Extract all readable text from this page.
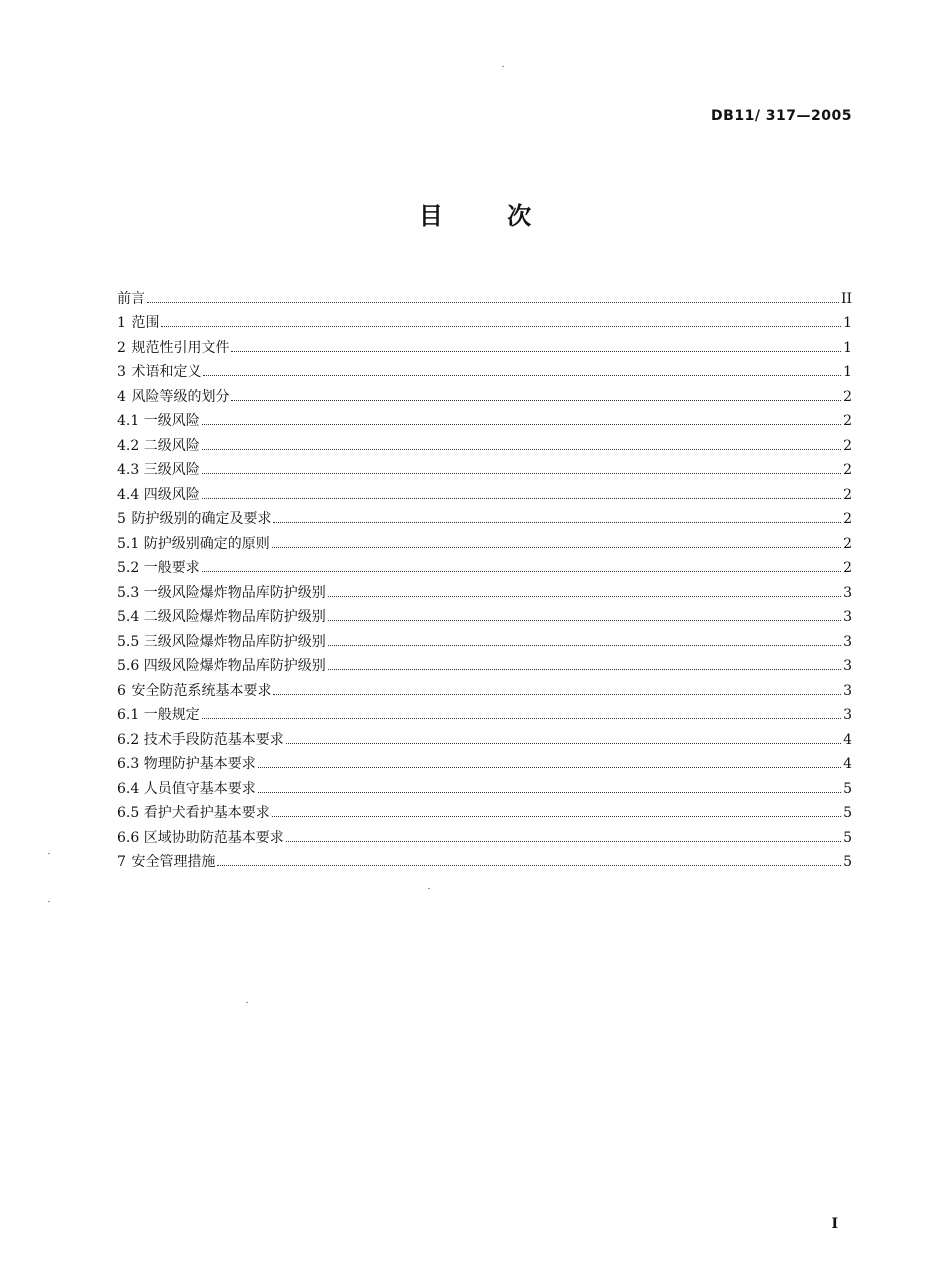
DB11/ 317—2005
目 次
前言	II
1 范围	1
2 规范性引用文件	1
3 术语和定义	1
4 风险等级的划分	2
4.1 一级风险	2
4.2 二级风险	2
4.3 三级风险	2
4.4 四级风险	2
5 防护级别的确定及要求	2
5.1 防护级别确定的原则	2
5.2 一般要求	2
5.3 一级风险爆炸物品库防护级别	3
5.4 二级风险爆炸物品库防护级别	3
5.5 三级风险爆炸物品库防护级别	3
5.6 四级风险爆炸物品库防护级别	3
6 安全防范系统基本要求	3
6.1 一般规定	3
6.2 技术手段防范基本要求	4
6.3 物理防护基本要求	4
6.4 人员值守基本要求	5
6.5 看护犬看护基本要求	5
6.6 区域协助防范基本要求	5
7 安全管理措施	5
I
